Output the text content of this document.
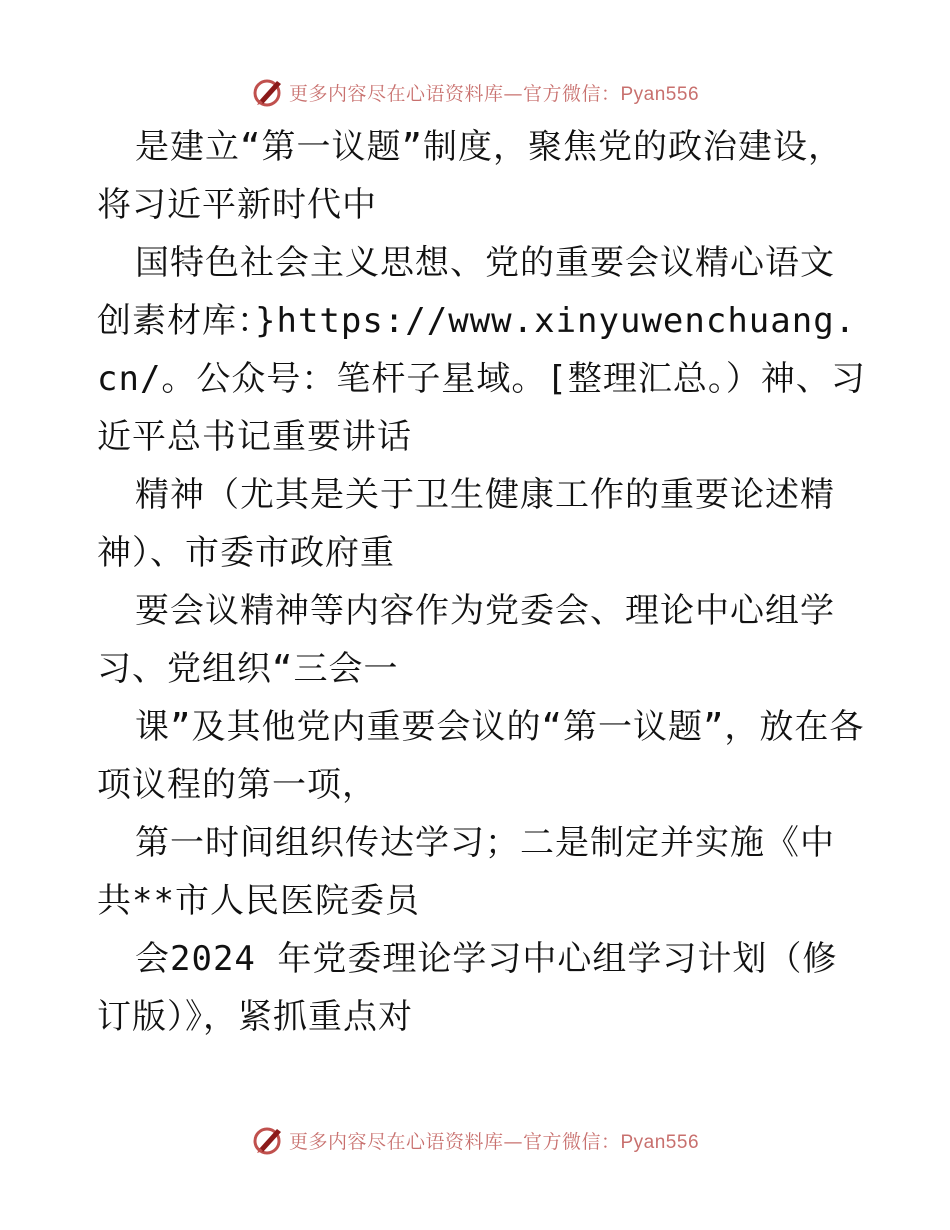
更多内容尽在心语资料库—官方微信：Pyan556

是建立“第一议题”制度，聚焦党的政治建设，将习近平新时代中

国特色社会主义思想、党的重要会议精心语文创素材库：}https://www.xinyuwenchuang.cn/。公众号：笔杆子星域。[整理汇总。）神、习近平总书记重要讲话

精神（尤其是关于卫生健康工作的重要论述精神）、市委市政府重

要会议精神等内容作为党委会、理论中心组学习、党组织“三会一

课”及其他党内重要会议的“第一议题”，放在各项议程的第一项，

第一时间组织传达学习；二是制定并实施《中共**市人民医院委员

会2024 年党委理论学习中心组学习计划（修订版）》，紧抓重点对

更多内容尽在心语资料库—官方微信：Pyan556
